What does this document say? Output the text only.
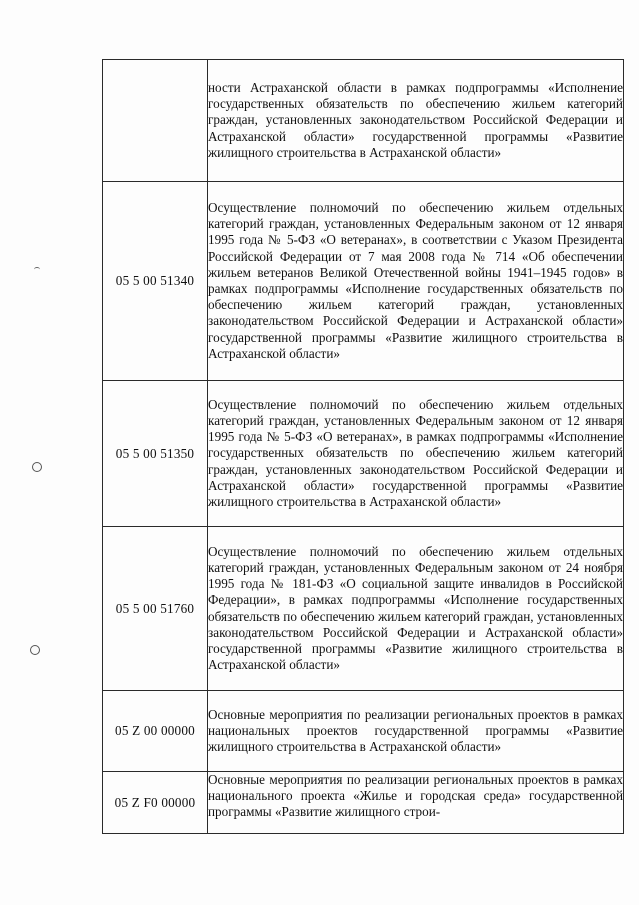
	ности Астраханской области в рамках подпрограммы «Исполнение государственных обязательств по обеспечению жильем категорий граждан, установленных законодательством Российской Федерации и Астраханской области» государственной программы «Развитие жилищного строительства в Астраханской области»
05 5 00 51340	Осуществление полномочий по обеспечению жильем отдельных категорий граждан, установленных Федеральным законом от 12 января 1995 года № 5-ФЗ «О ветеранах», в соответствии с Указом Президента Российской Федерации от 7 мая 2008 года № 714 «Об обеспечении жильем ветеранов Великой Отечественной войны 1941–1945 годов» в рамках подпрограммы «Исполнение государственных обязательств по обеспечению жильем категорий граждан, установленных законодательством Российской Федерации и Астраханской области» государственной программы «Развитие жилищного строительства в Астраханской области»
05 5 00 51350	Осуществление полномочий по обеспечению жильем отдельных категорий граждан, установленных Федеральным законом от 12 января 1995 года № 5-ФЗ «О ветеранах», в рамках подпрограммы «Исполнение государственных обязательств по обеспечению жильем категорий граждан, установленных законодательством Российской Федерации и Астраханской области» государственной программы «Развитие жилищного строительства в Астраханской области»
05 5 00 51760	Осуществление полномочий по обеспечению жильем отдельных категорий граждан, установленных Федеральным законом от 24 ноября 1995 года № 181-ФЗ «О социальной защите инвалидов в Российской Федерации», в рамках подпрограммы «Исполнение государственных обязательств по обеспечению жильем категорий граждан, установленных законодательством Российской Федерации и Астраханской области» государственной программы «Развитие жилищного строительства в Астраханской области»
05 Z 00 00000	Основные мероприятия по реализации региональных проектов в рамках национальных проектов государственной программы «Развитие жилищного строительства в Астраханской области»
05 Z F0 00000	Основные мероприятия по реализации региональных проектов в рамках национального проекта «Жилье и городская среда» государственной программы «Развитие жилищного строи-
